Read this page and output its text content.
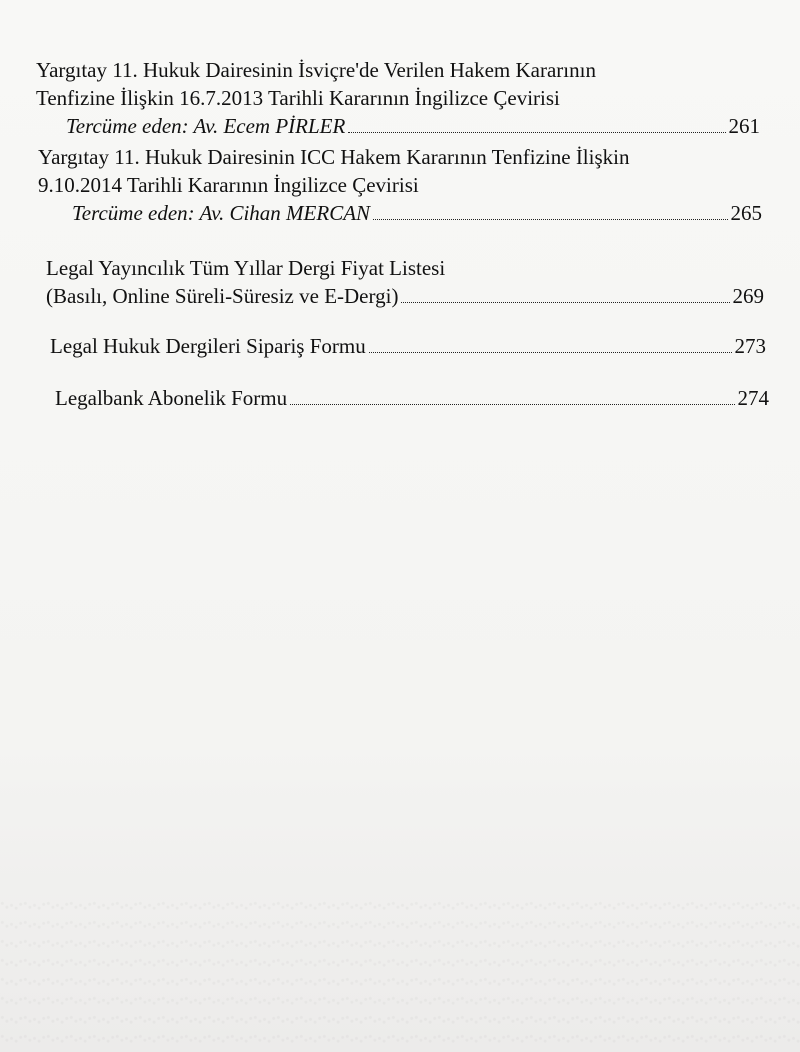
Yargıtay 11. Hukuk Dairesinin İsviçre'de Verilen Hakem Kararının
Tenfizine İlişkin 16.7.2013 Tarihli Kararının İngilizce Çevirisi
Tercüme eden: Av. Ecem PİRLER	261
Yargıtay 11. Hukuk Dairesinin ICC Hakem Kararının Tenfizine İlişkin
9.10.2014 Tarihli Kararının İngilizce Çevirisi
Tercüme eden: Av. Cihan MERCAN	265
Legal Yayıncılık Tüm Yıllar Dergi Fiyat Listesi
(Basılı, Online Süreli-Süresiz ve E-Dergi)	269
Legal Hukuk Dergileri Sipariş Formu	273
Legalbank Abonelik Formu	274
